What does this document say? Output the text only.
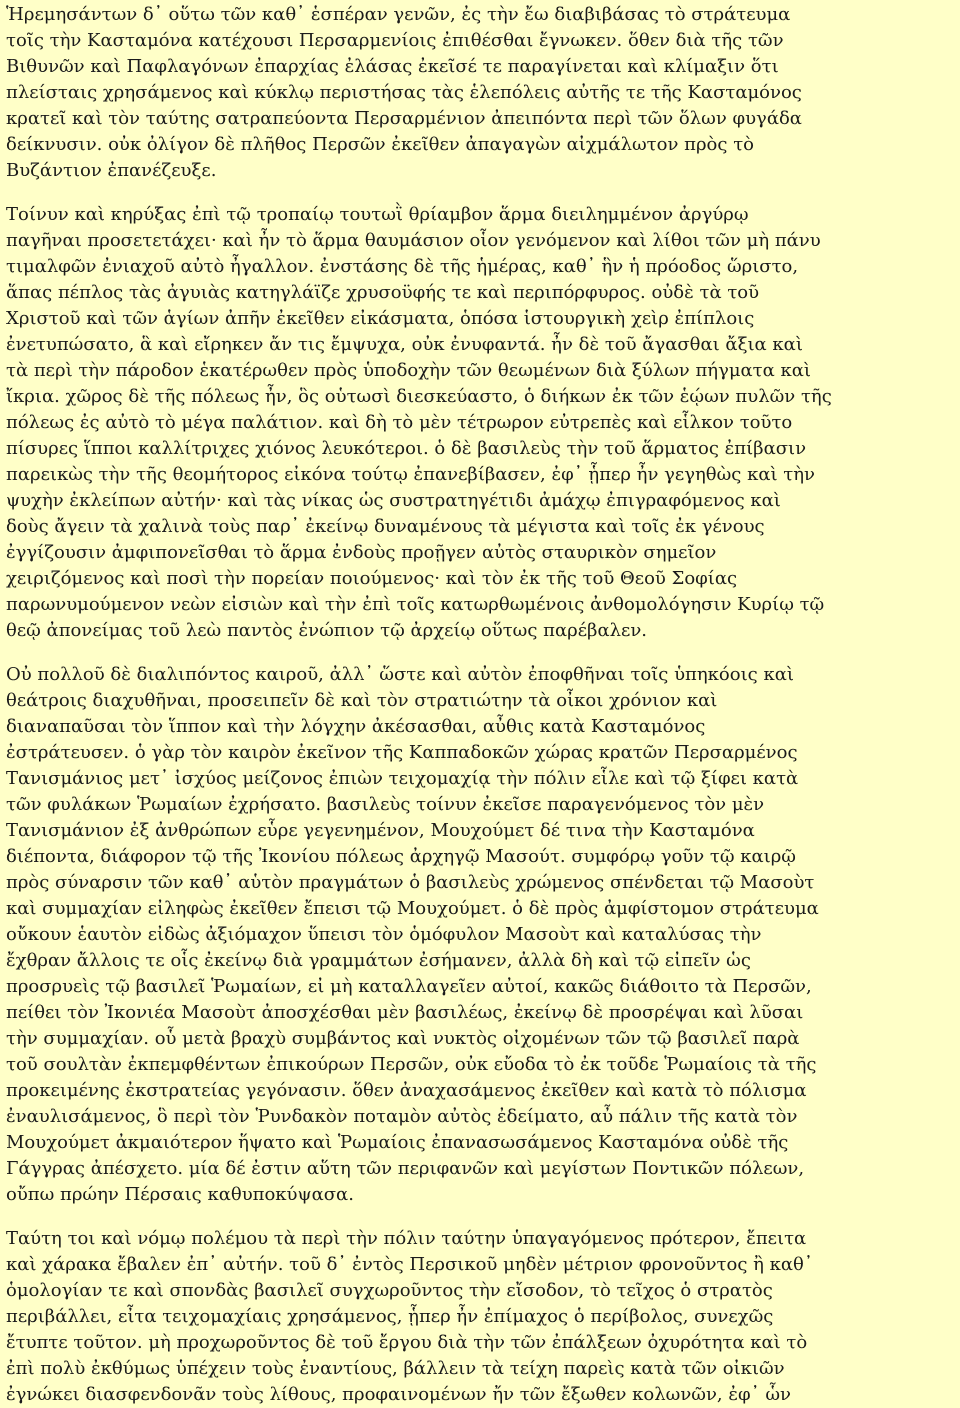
Ἡρεμησάντων δ᾽ οὕτω τῶν καθ᾽ ἑσπέραν γενῶν, ἐς τὴν ἔω διαβιβάσας τὸ στράτευμα
τοῖς τὴν Κασταμόνα κατέχουσι Περσαρμενίοις ἐπιθέσθαι ἔγνωκεν. ὅθεν διὰ τῆς τῶν
Βιθυνῶν καὶ Παφλαγόνων ἐπαρχίας ἐλάσας ἐκεῖσέ τε παραγίνεται καὶ κλίμαξιν ὅτι
πλείσταις χρησάμενος καὶ κύκλῳ περιστήσας τὰς ἑλεπόλεις αὐτῆς τε τῆς Κασταμόνος
κρατεῖ καὶ τὸν ταύτης σατραπεύοντα Περσαρμένιον ἀπειπόντα περὶ τῶν ὅλων φυγάδα
δείκνυσιν. οὐκ ὀλίγον δὲ πλῆθος Περσῶν ἐκεῖθεν ἀπαγαγὼν αἰχμάλωτον πρὸς τὸ
Βυζάντιον ἐπανέζευξε.

Τοίνυν καὶ κηρύξας ἐπὶ τῷ τροπαίῳ τουτωῒ θρίαμβον ἅρμα διειλημμένον ἀργύρῳ
παγῆναι προσετετάχει· καὶ ἦν τὸ ἅρμα θαυμάσιον οἷον γενόμενον καὶ λίθοι τῶν μὴ πάνυ
τιμαλφῶν ἐνιαχοῦ αὐτὸ ἦγαλλον. ἐνστάσης δὲ τῆς ἡμέρας, καθ᾽ ἣν ἡ πρόοδος ὥριστο,
ἅπας πέπλος τὰς ἀγυιὰς κατηγλάϊζε χρυσοϋφής τε καὶ περιπόρφυρος. οὐδὲ τὰ τοῦ
Χριστοῦ καὶ τῶν ἁγίων ἀπῆν ἐκεῖθεν εἰκάσματα, ὁπόσα ἱστουργικὴ χεὶρ ἐπίπλοις
ἐνετυπώσατο, ἃ καὶ εἴρηκεν ἄν τις ἔμψυχα, οὐκ ἐνυφαντά. ἦν δὲ τοῦ ἄγασθαι ἄξια καὶ
τὰ περὶ τὴν πάροδον ἑκατέρωθεν πρὸς ὑποδοχὴν τῶν θεωμένων διὰ ξύλων πήγματα καὶ
ἴκρια. χῶρος δὲ τῆς πόλεως ἦν, ὃς οὑτωσὶ διεσκεύαστο, ὁ διήκων ἐκ τῶν ἑῴων πυλῶν τῆς
πόλεως ἐς αὐτὸ τὸ μέγα παλάτιον. καὶ δὴ τὸ μὲν τέτρωρον εὐτρεπὲς καὶ εἷλκον τοῦτο
πίσυρες ἵπποι καλλίτριχες χιόνος λευκότεροι. ὁ δὲ βασιλεὺς τὴν τοῦ ἅρματος ἐπίβασιν
παρεικὼς τὴν τῆς θεομήτορος εἰκόνα τούτῳ ἐπανεβίβασεν, ἐφ᾽ ᾗπερ ἦν γεγηθὼς καὶ τὴν
ψυχὴν ἐκλείπων αὐτήν· καὶ τὰς νίκας ὡς συστρατηγέτιδι ἀμάχῳ ἐπιγραφόμενος καὶ
δοὺς ἄγειν τὰ χαλινὰ τοὺς παρ᾽ ἐκείνῳ δυναμένους τὰ μέγιστα καὶ τοῖς ἐκ γένους
ἐγγίζουσιν ἀμφιπονεῖσθαι τὸ ἅρμα ἐνδοὺς προῇγεν αὐτὸς σταυρικὸν σημεῖον
χειριζόμενος καὶ ποσὶ τὴν πορείαν ποιούμενος· καὶ τὸν ἐκ τῆς τοῦ Θεοῦ Σοφίας
παρωνυμούμενον νεὼν εἰσιὼν καὶ τὴν ἐπὶ τοῖς κατωρθωμένοις ἀνθομολόγησιν Κυρίῳ τῷ
θεῷ ἀπονείμας τοῦ λεὼ παντὸς ἐνώπιον τῷ ἀρχείῳ οὕτως παρέβαλεν.

Οὐ πολλοῦ δὲ διαλιπόντος καιροῦ, ἀλλ᾽ ὥστε καὶ αὐτὸν ἐποφθῆναι τοῖς ὑπηκόοις καὶ
θεάτροις διαχυθῆναι, προσειπεῖν δὲ καὶ τὸν στρατιώτην τὰ οἶκοι χρόνιον καὶ
διαναπαῦσαι τὸν ἵππον καὶ τὴν λόγχην ἀκέσασθαι, αὖθις κατὰ Κασταμόνος
ἐστράτευσεν. ὁ γὰρ τὸν καιρὸν ἐκεῖνον τῆς Καππαδοκῶν χώρας κρατῶν Περσαρμένος
Τανισμάνιος μετ᾽ ἰσχύος μείζονος ἐπιὼν τειχομαχίᾳ τὴν πόλιν εἷλε καὶ τῷ ξίφει κατὰ
τῶν φυλάκων Ῥωμαίων ἐχρήσατο. βασιλεὺς τοίνυν ἐκεῖσε παραγενόμενος τὸν μὲν
Τανισμάνιον ἐξ ἀνθρώπων εὗρε γεγενημένον, Μουχούμετ δέ τινα τὴν Κασταμόνα
διέποντα, διάφορον τῷ τῆς Ἰκονίου πόλεως ἀρχηγῷ Μασούτ. συμφόρῳ γοῦν τῷ καιρῷ
πρὸς σύναρσιν τῶν καθ᾽ αὑτὸν πραγμάτων ὁ βασιλεὺς χρώμενος σπένδεται τῷ Μασοὺτ
καὶ συμμαχίαν εἰληφὼς ἐκεῖθεν ἔπεισι τῷ Μουχούμετ. ὁ δὲ πρὸς ἀμφίστομον στράτευμα
οὔκουν ἑαυτὸν εἰδὼς ἀξιόμαχον ὕπεισι τὸν ὁμόφυλον Μασοὺτ καὶ καταλύσας τὴν
ἔχθραν ἄλλοις τε οἷς ἐκείνῳ διὰ γραμμάτων ἐσήμανεν, ἀλλὰ δὴ καὶ τῷ εἰπεῖν ὡς
προσρυεὶς τῷ βασιλεῖ Ῥωμαίων, εἰ μὴ καταλλαγεῖεν αὐτοί, κακῶς διάθοιτο τὰ Περσῶν,
πείθει τὸν Ἰκονιέα Μασοὺτ ἀποσχέσθαι μὲν βασιλέως, ἐκείνῳ δὲ προσρέψαι καὶ λῦσαι
τὴν συμμαχίαν. οὗ μετὰ βραχὺ συμβάντος καὶ νυκτὸς οἰχομένων τῶν τῷ βασιλεῖ παρὰ
τοῦ σουλτὰν ἐκπεμφθέντων ἐπικούρων Περσῶν, οὐκ εὔοδα τὸ ἐκ τοῦδε Ῥωμαίοις τὰ τῆς
προκειμένης ἐκστρατείας γεγόνασιν. ὅθεν ἀναχασάμενος ἐκεῖθεν καὶ κατὰ τὸ πόλισμα
ἐναυλισάμενος, ὃ περὶ τὸν Ῥυνδακὸν ποταμὸν αὐτὸς ἐδείματο, αὖ πάλιν τῆς κατὰ τὸν
Μουχούμετ ἀκμαιότερον ἥψατο καὶ Ῥωμαίοις ἐπανασωσάμενος Κασταμόνα οὐδὲ τῆς
Γάγγρας ἀπέσχετο. μία δέ ἐστιν αὕτη τῶν περιφανῶν καὶ μεγίστων Ποντικῶν πόλεων,
οὔπω πρώην Πέρσαις καθυποκύψασα.

Ταύτη τοι καὶ νόμῳ πολέμου τὰ περὶ τὴν πόλιν ταύτην ὑπαγαγόμενος πρότερον, ἔπειτα
καὶ χάρακα ἔβαλεν ἐπ᾽ αὐτήν. τοῦ δ᾽ ἐντὸς Περσικοῦ μηδὲν μέτριον φρονοῦντος ἢ καθ᾽
ὁμολογίαν τε καὶ σπονδὰς βασιλεῖ συγχωροῦντος τὴν εἴσοδον, τὸ τεῖχος ὁ στρατὸς
περιβάλλει, εἶτα τειχομαχίαις χρησάμενος, ᾗπερ ἦν ἐπίμαχος ὁ περίβολος, συνεχῶς
ἔτυπτε τοῦτον. μὴ προχωροῦντος δὲ τοῦ ἔργου διὰ τὴν τῶν ἐπάλξεων ὀχυρότητα καὶ τὸ
ἐπὶ πολὺ ἐκθύμως ὑπέχειν τοὺς ἐναντίους, βάλλειν τὰ τείχη παρεὶς κατὰ τῶν οἰκιῶν
ἐγνώκει διασφενδονᾶν τοὺς λίθους, προφαινομένων ἤν τῶν ἔξωθεν κολωνῶν, ἐφ᾽ ὧν
